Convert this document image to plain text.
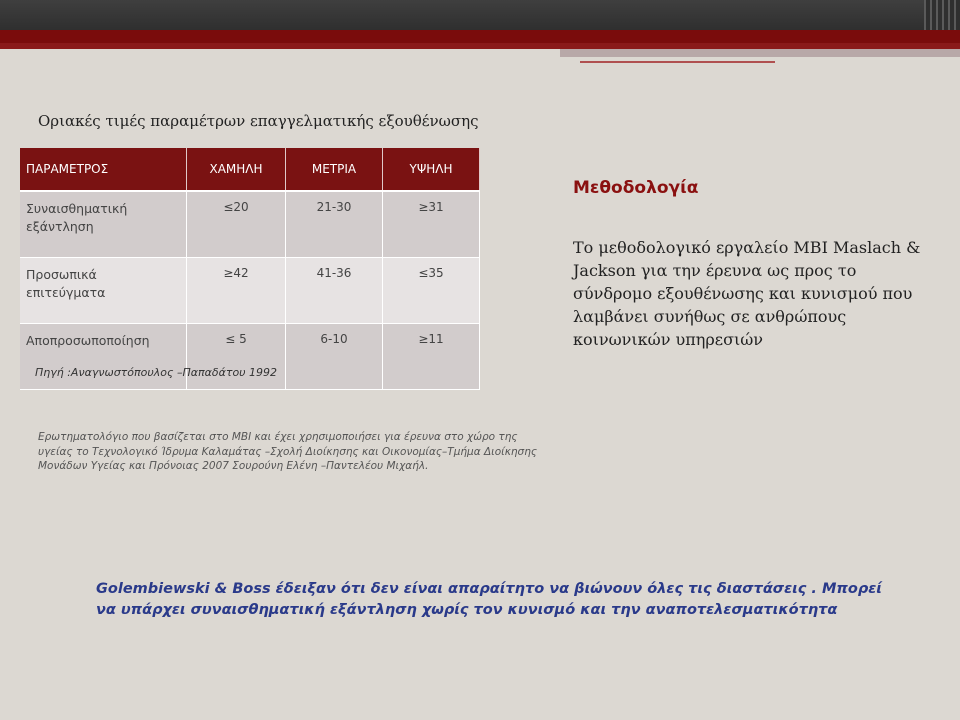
Οριακές τιμές παραμέτρων επαγγελματικής εξουθένωσης
ΠΑΡΑΜΕΤΡΟΣ	ΧΑΜΗΛΗ	ΜΕΤΡΙΑ	ΥΨΗΛΗ
Συναισθηματική εξάντληση	≤20	21-30	≥31
Προσωπικά επιτεύγματα	≥42	41-36	≤35
Αποπροσωποποίηση	≤ 5	6-10	≥11
Πηγή :Αναγνωστόπουλος –Παπαδάτου 1992
Ερωτηματολόγιο που βασίζεται στο ΜΒΙ και έχει χρησιμοποιήσει για έρευνα στο χώρο της υγείας το Τεχνολογικό Ίδρυμα Καλαμάτας –Σχολή Διοίκησης και Οικονομίας–Τμήμα Διοίκησης Μονάδων Υγείας και Πρόνοιας 2007 Σουρούνη Ελένη –Παντελέου Μιχαήλ.
Μεθοδολογία
Το μεθοδολογικό εργαλείο ΜΒΙ Maslach & Jackson για την έρευνα ως προς το σύνδρομο εξουθένωσης και κυνισμού που λαμβάνει συνήθως σε ανθρώπους κοινωνικών υπηρεσιών
Golembiewski & Boss έδειξαν ότι δεν είναι απαραίτητο να βιώνουν όλες τις διαστάσεις . Μπορεί να υπάρχει συναισθηματική εξάντληση χωρίς τον κυνισμό και την αναποτελεσματικότητα
